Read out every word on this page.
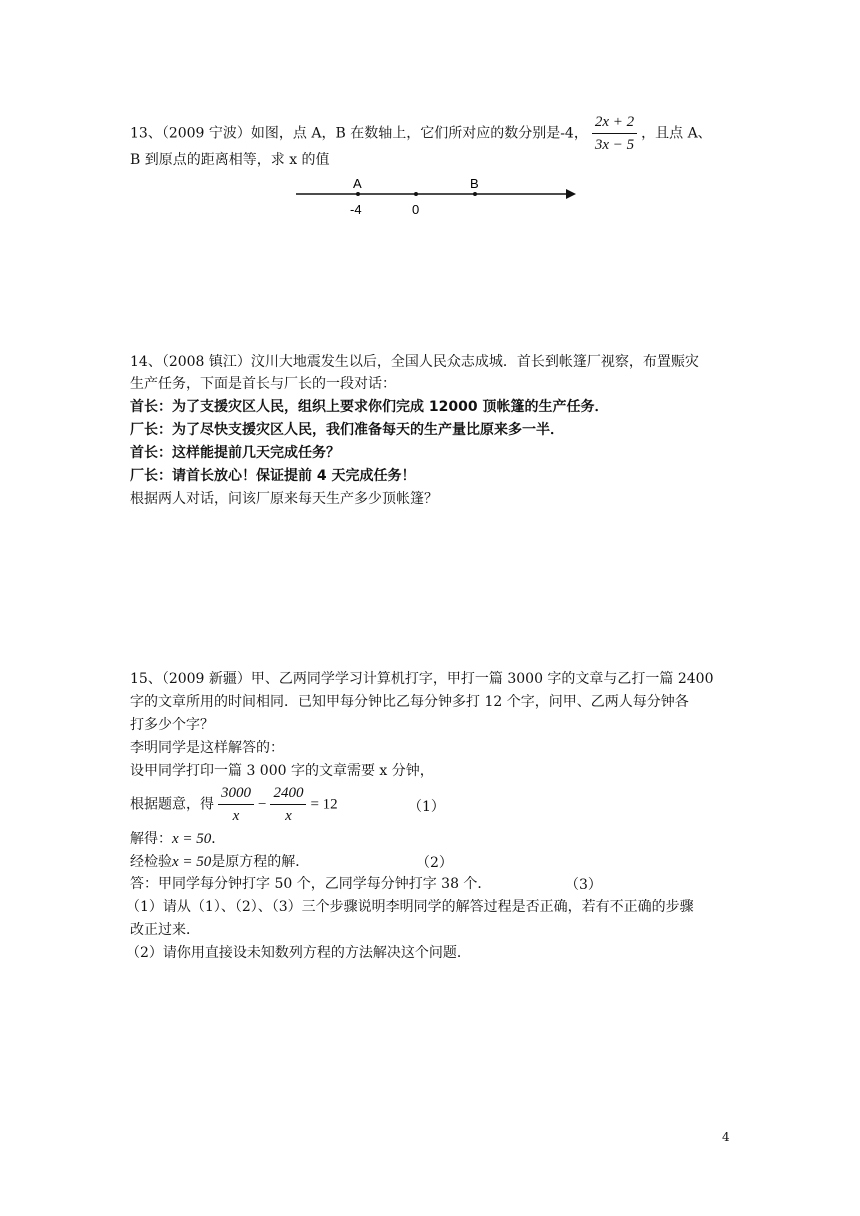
13、（2009 宁波）如图，点 A，B 在数轴上，它们所对应的数分别是-4， $\frac{2x + 2}{3x - 5}$ ，且点 A、
B 到原点的距离相等，求 x 的值
A	B
-4	0
14、（2008 镇江）汶川大地震发生以后，全国人民众志成城．首长到帐篷厂视察，布置赈灾
生产任务，下面是首长与厂长的一段对话：
首长：为了支援灾区人民，组织上要求你们完成 12000 顶帐篷的生产任务．
厂长：为了尽快支援灾区人民，我们准备每天的生产量比原来多一半．
首长：这样能提前几天完成任务？
厂长：请首长放心！保证提前 4 天完成任务！
根据两人对话，问该厂原来每天生产多少顶帐篷？
15、（2009 新疆）甲、乙两同学学习计算机打字，甲打一篇 3000 字的文章与乙打一篇 2400
字的文章所用的时间相同．已知甲每分钟比乙每分钟多打 12 个字，问甲、乙两人每分钟各
打多少个字？
李明同学是这样解答的：
设甲同学打印一篇 3 000 字的文章需要 x 分钟，
根据题意，得 $\frac{3000}{x} - \frac{2400}{x} = 12$	（1）
解得：x = 50．
经检验x = 50是原方程的解．	（2）
答：甲同学每分钟打字 50 个，乙同学每分钟打字 38 个．	（3）
（1）请从（1）、（2）、（3）三个步骤说明李明同学的解答过程是否正确，若有不正确的步骤
改正过来．
（2）请你用直接设未知数列方程的方法解决这个问题．
4
